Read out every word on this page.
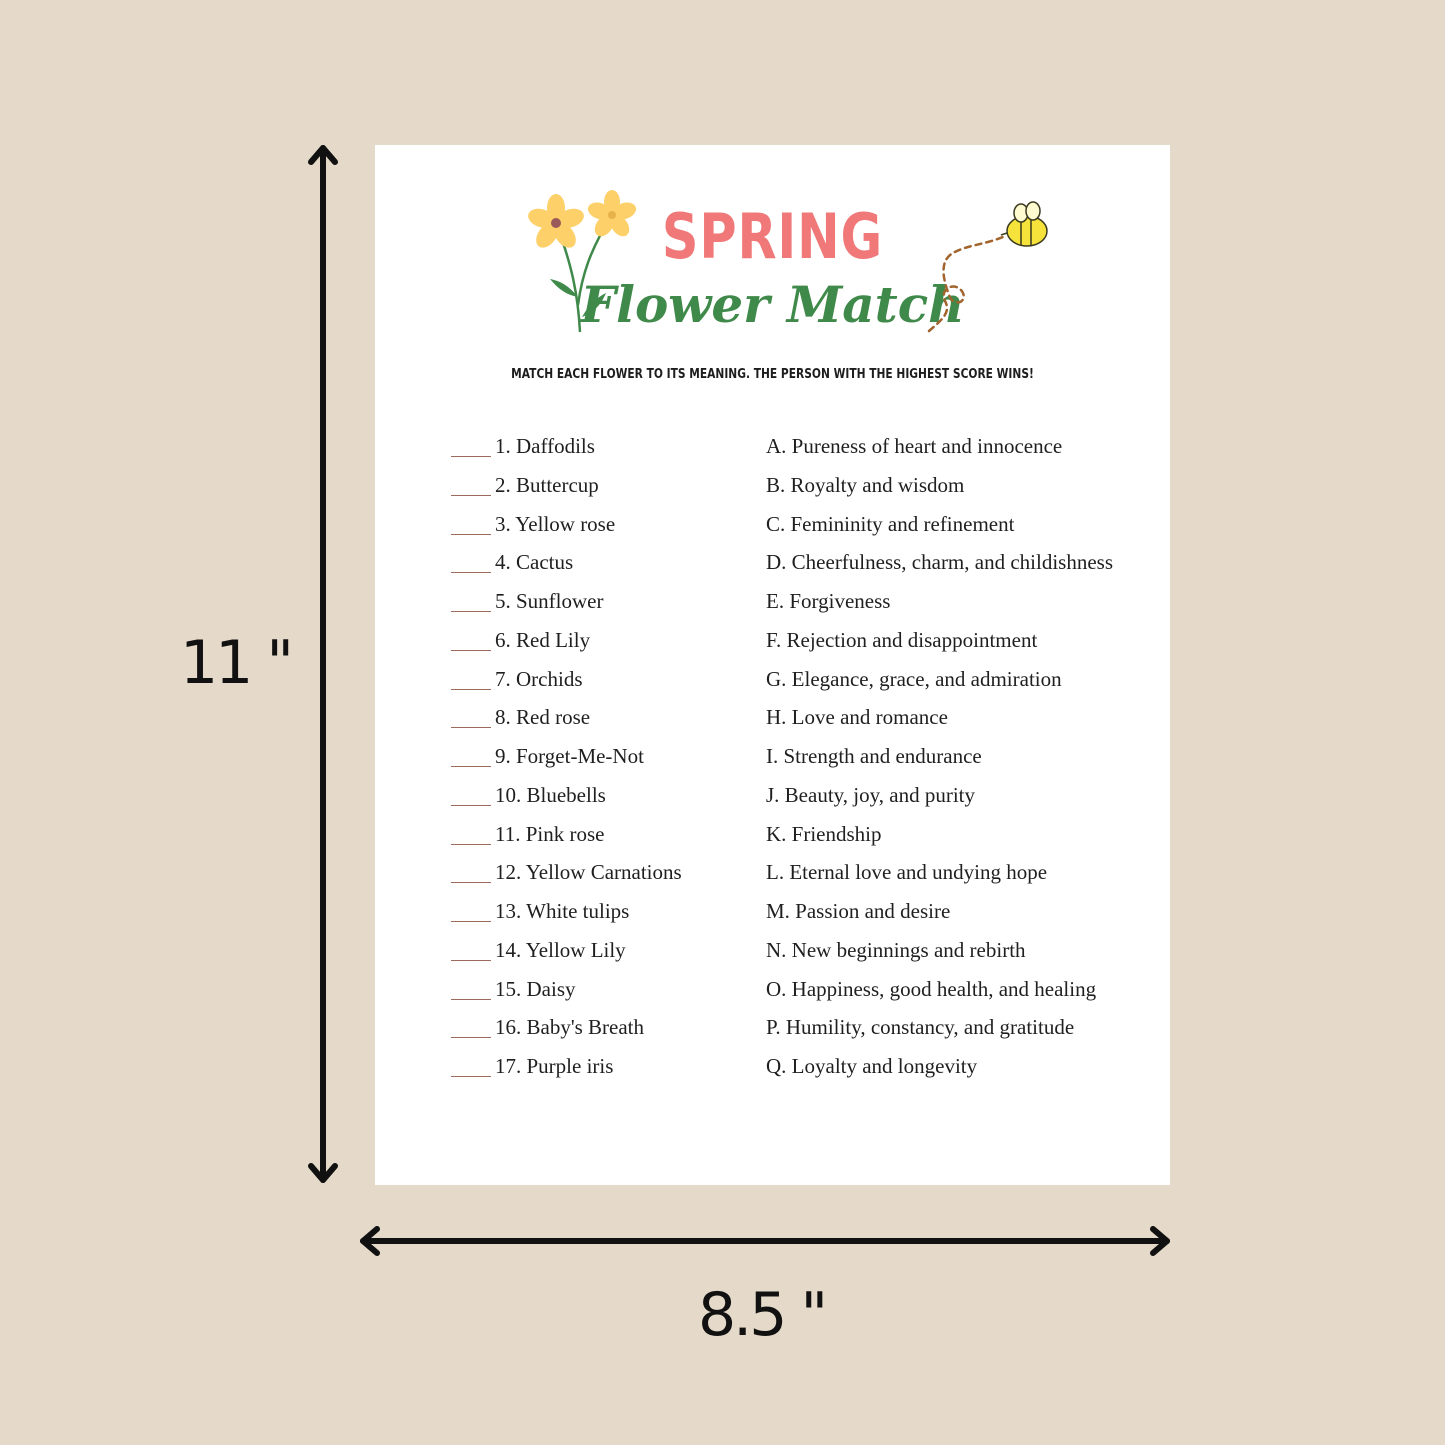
11 "

8.5 "

SPRING
Flower Match

MATCH EACH FLOWER TO ITS MEANING. THE PERSON WITH THE HIGHEST SCORE WINS!

1. Daffodils
2. Buttercup
3. Yellow rose
4. Cactus
5. Sunflower
6. Red Lily
7. Orchids
8. Red rose
9. Forget-Me-Not
10. Bluebells
11. Pink rose
12. Yellow Carnations
13. White tulips
14. Yellow Lily
15. Daisy
16. Baby's Breath
17. Purple iris
A. Pureness of heart and innocence
B. Royalty and wisdom
C. Femininity and refinement
D. Cheerfulness, charm, and childishness
E. Forgiveness
F. Rejection and disappointment
G. Elegance, grace, and admiration
H. Love and romance
I. Strength and endurance
J. Beauty, joy, and purity
K. Friendship
L. Eternal love and undying hope
M. Passion and desire
N. New beginnings and rebirth
O. Happiness, good health, and healing
P. Humility, constancy, and gratitude
Q. Loyalty and longevity
